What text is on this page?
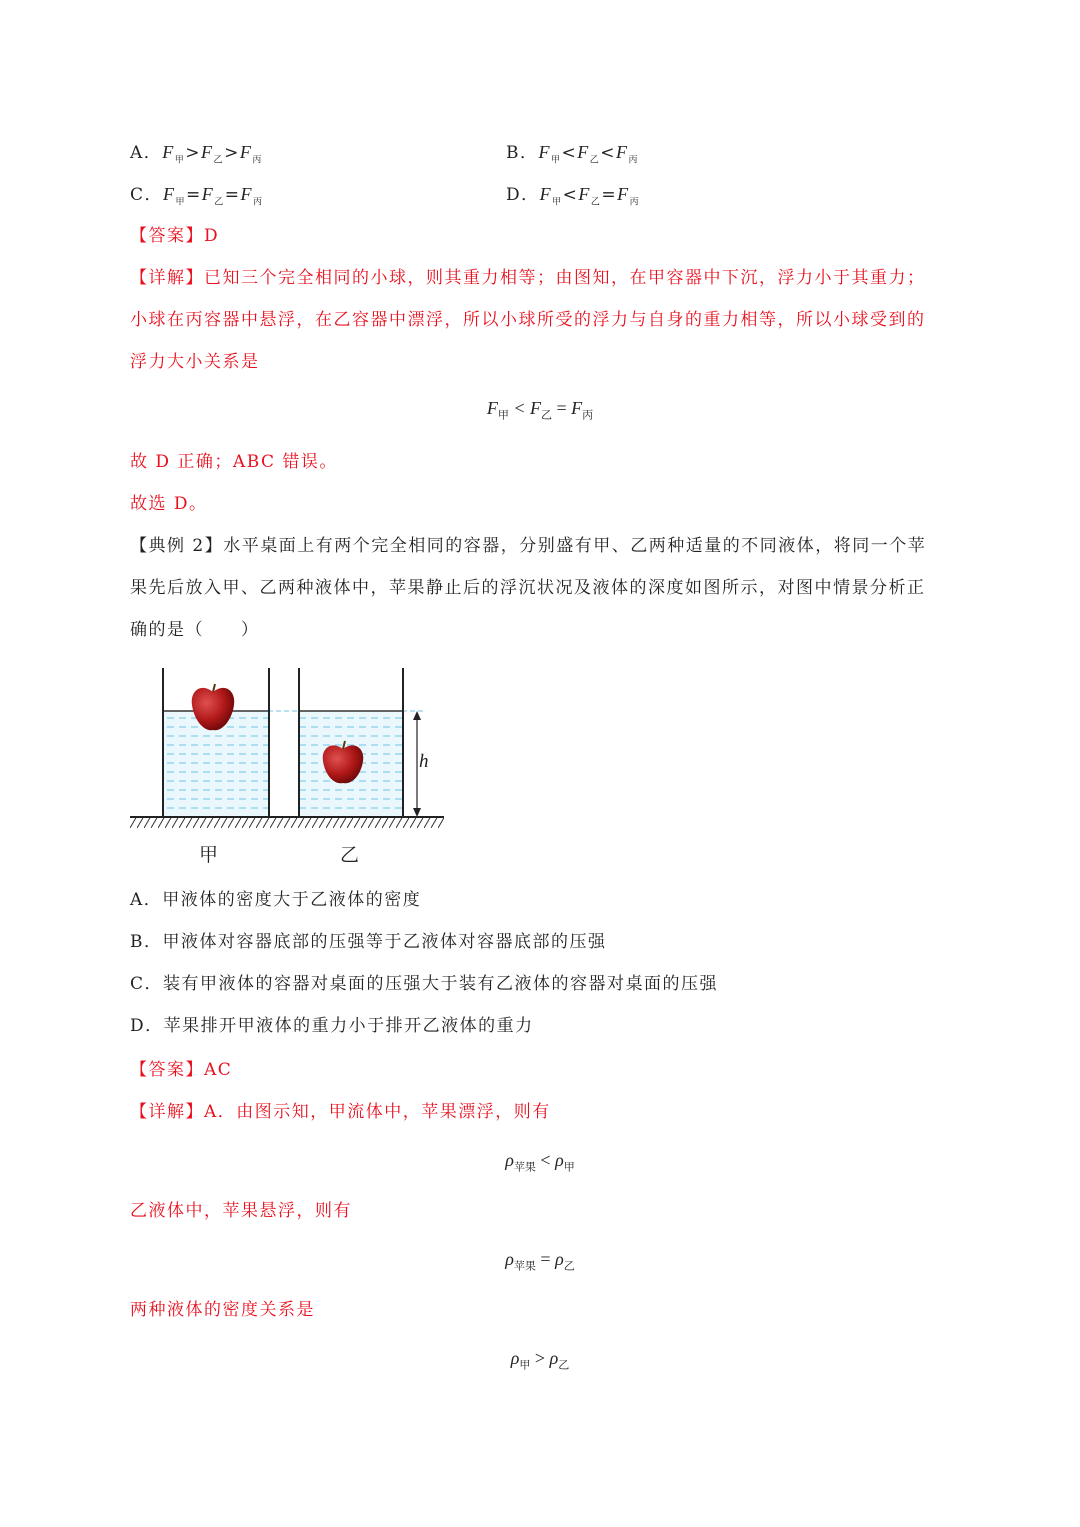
A．$F_甲>F_乙>F_丙$	B．$F_甲<F_乙<F_丙$
C．$F_甲=F_乙=F_丙$	D．$F_甲<F_乙=F_丙$
【答案】D
【详解】已知三个完全相同的小球，则其重力相等；由图知，在甲容器中下沉，浮力小于其重力；
小球在丙容器中悬浮，在乙容器中漂浮，所以小球所受的浮力与自身的重力相等，所以小球受到的
浮力大小关系是
$F_甲 < F_乙 = F_丙$
故 D 正确；ABC 错误。
故选 D。
【典例 2】水平桌面上有两个完全相同的容器，分别盛有甲、乙两种适量的不同液体，将同一个苹
果先后放入甲、乙两种液体中，苹果静止后的浮沉状况及液体的深度如图所示，对图中情景分析正
确的是（　　）
h
甲	乙
A．甲液体的密度大于乙液体的密度
B．甲液体对容器底部的压强等于乙液体对容器底部的压强
C．装有甲液体的容器对桌面的压强大于装有乙液体的容器对桌面的压强
D．苹果排开甲液体的重力小于排开乙液体的重力
【答案】AC
【详解】A．由图示知，甲流体中，苹果漂浮，则有
$\rho_{苹果} < \rho_甲$
乙液体中，苹果悬浮，则有
$\rho_{苹果} = \rho_乙$
两种液体的密度关系是
$\rho_甲 > \rho_乙$
